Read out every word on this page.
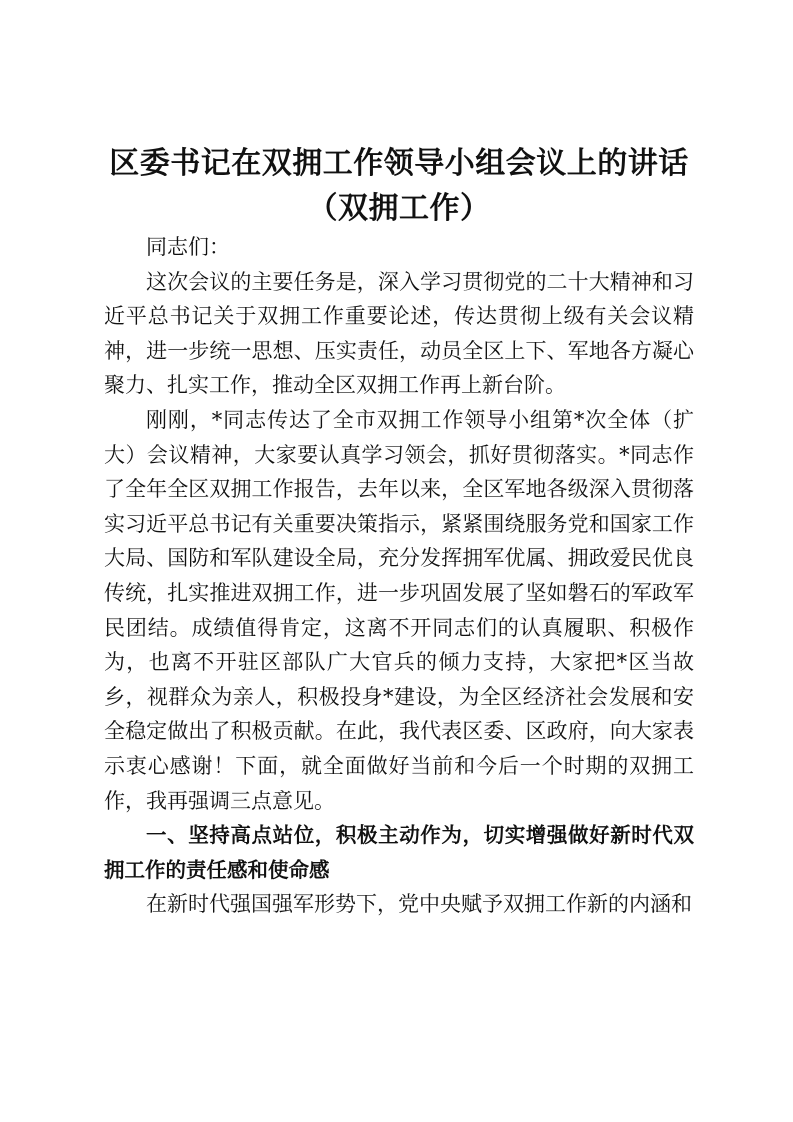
区委书记在双拥工作领导小组会议上的讲话
（双拥工作）

同志们：

这次会议的主要任务是，深入学习贯彻党的二十大精神和习近平总书记关于双拥工作重要论述，传达贯彻上级有关会议精神，进一步统一思想、压实责任，动员全区上下、军地各方凝心聚力、扎实工作，推动全区双拥工作再上新台阶。

刚刚，*同志传达了全市双拥工作领导小组第*次全体（扩大）会议精神，大家要认真学习领会，抓好贯彻落实。*同志作了全年全区双拥工作报告，去年以来，全区军地各级深入贯彻落实习近平总书记有关重要决策指示，紧紧围绕服务党和国家工作大局、国防和军队建设全局，充分发挥拥军优属、拥政爱民优良传统，扎实推进双拥工作，进一步巩固发展了坚如磐石的军政军民团结。成绩值得肯定，这离不开同志们的认真履职、积极作为，也离不开驻区部队广大官兵的倾力支持，大家把*区当故乡，视群众为亲人，积极投身*建设，为全区经济社会发展和安全稳定做出了积极贡献。在此，我代表区委、区政府，向大家表示衷心感谢！下面，就全面做好当前和今后一个时期的双拥工作，我再强调三点意见。

一、坚持高点站位，积极主动作为，切实增强做好新时代双拥工作的责任感和使命感

在新时代强国强军形势下，党中央赋予双拥工作新的内涵和
